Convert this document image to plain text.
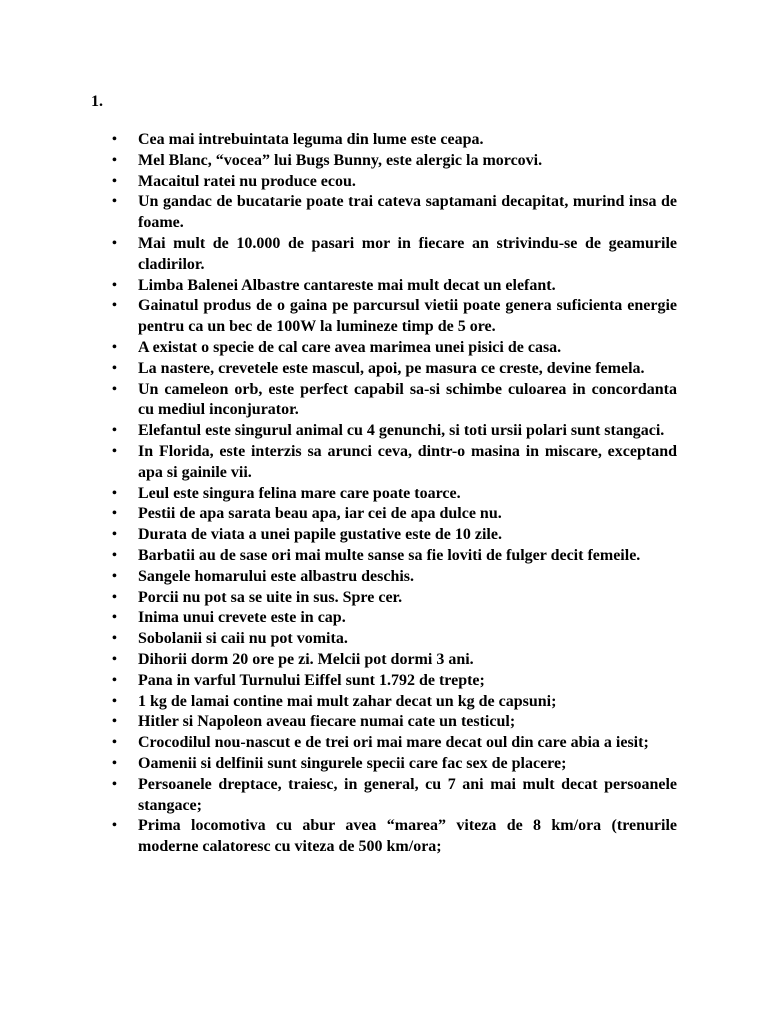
1.
• Cea mai intrebuintata leguma din lume este ceapa.
• Mel Blanc, “vocea” lui Bugs Bunny, este alergic la morcovi.
• Macaitul ratei nu produce ecou.
• Un gandac de bucatarie poate trai cateva saptamani decapitat, murind insa de foame.
• Mai mult de 10.000 de pasari mor in fiecare an strivindu-se de geamurile cladirilor.
• Limba Balenei Albastre cantareste mai mult decat un elefant.
• Gainatul produs de o gaina pe parcursul vietii poate genera suficienta energie pentru ca un bec de 100W la lumineze timp de 5 ore.
• A existat o specie de cal care avea marimea unei pisici de casa.
• La nastere, crevetele este mascul, apoi, pe masura ce creste, devine femela.
• Un cameleon orb, este perfect capabil sa-si schimbe culoarea in concordanta cu mediul inconjurator.
• Elefantul este singurul animal cu 4 genunchi, si toti ursii polari sunt stangaci.
• In Florida, este interzis sa arunci ceva, dintr-o masina in miscare, exceptand apa si gainile vii.
• Leul este singura felina mare care poate toarce.
• Pestii de apa sarata beau apa, iar cei de apa dulce nu.
• Durata de viata a unei papile gustative este de 10 zile.
• Barbatii au de sase ori mai multe sanse sa fie loviti de fulger decit femeile.
• Sangele homarului este albastru deschis.
• Porcii nu pot sa se uite in sus. Spre cer.
• Inima unui crevete este in cap.
• Sobolanii si caii nu pot vomita.
• Dihorii dorm 20 ore pe zi. Melcii pot dormi 3 ani.
• Pana in varful Turnului Eiffel sunt 1.792 de trepte;
• 1 kg de lamai contine mai mult zahar decat un kg de capsuni;
• Hitler si Napoleon aveau fiecare numai cate un testicul;
• Crocodilul nou-nascut e de trei ori mai mare decat oul din care abia a iesit;
• Oamenii si delfinii sunt singurele specii care fac sex de placere;
• Persoanele dreptace, traiesc, in general, cu 7 ani mai mult decat persoanele stangace;
• Prima locomotiva cu abur avea “marea” viteza de 8 km/ora (trenurile moderne calatoresc cu viteza de 500 km/ora;
